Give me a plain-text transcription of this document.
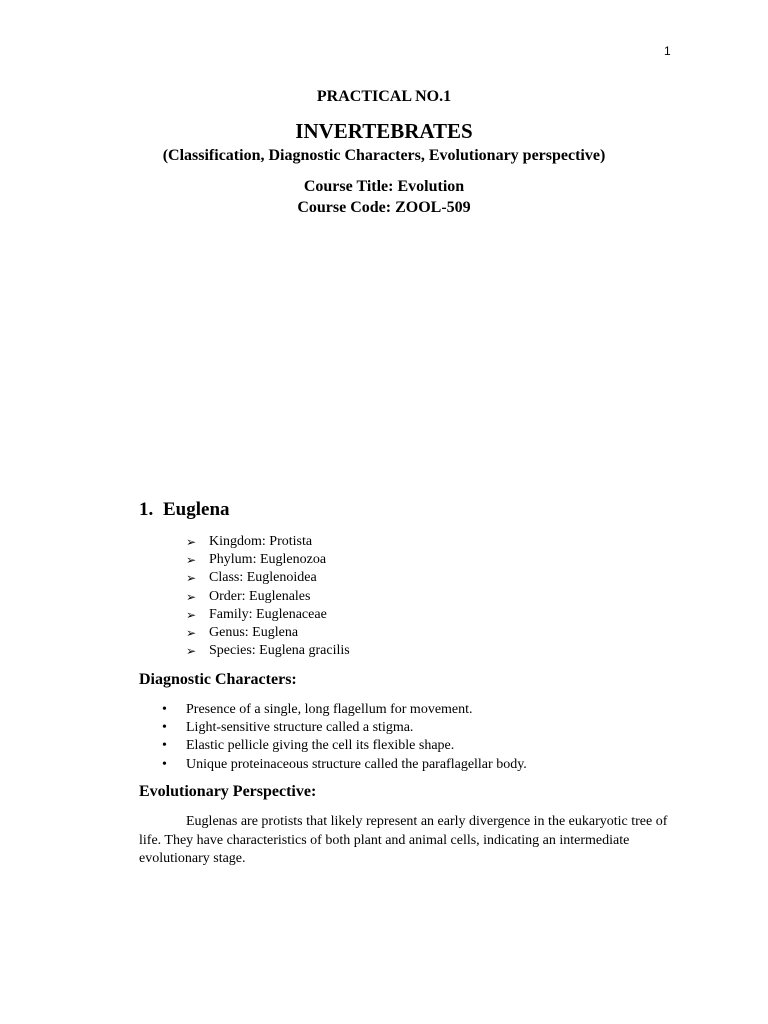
1
PRACTICAL NO.1
INVERTEBRATES
(Classification, Diagnostic Characters, Evolutionary perspective)
Course Title: Evolution
Course Code: ZOOL-509
1. Euglena
➢ Kingdom: Protista
➢ Phylum: Euglenozoa
➢ Class: Euglenoidea
➢ Order: Euglenales
➢ Family: Euglenaceae
➢ Genus: Euglena
➢ Species: Euglena gracilis
Diagnostic Characters:
• Presence of a single, long flagellum for movement.
• Light-sensitive structure called a stigma.
• Elastic pellicle giving the cell its flexible shape.
• Unique proteinaceous structure called the paraflagellar body.
Evolutionary Perspective:

Euglenas are protists that likely represent an early divergence in the eukaryotic tree of life. They have characteristics of both plant and animal cells, indicating an intermediate evolutionary stage.
